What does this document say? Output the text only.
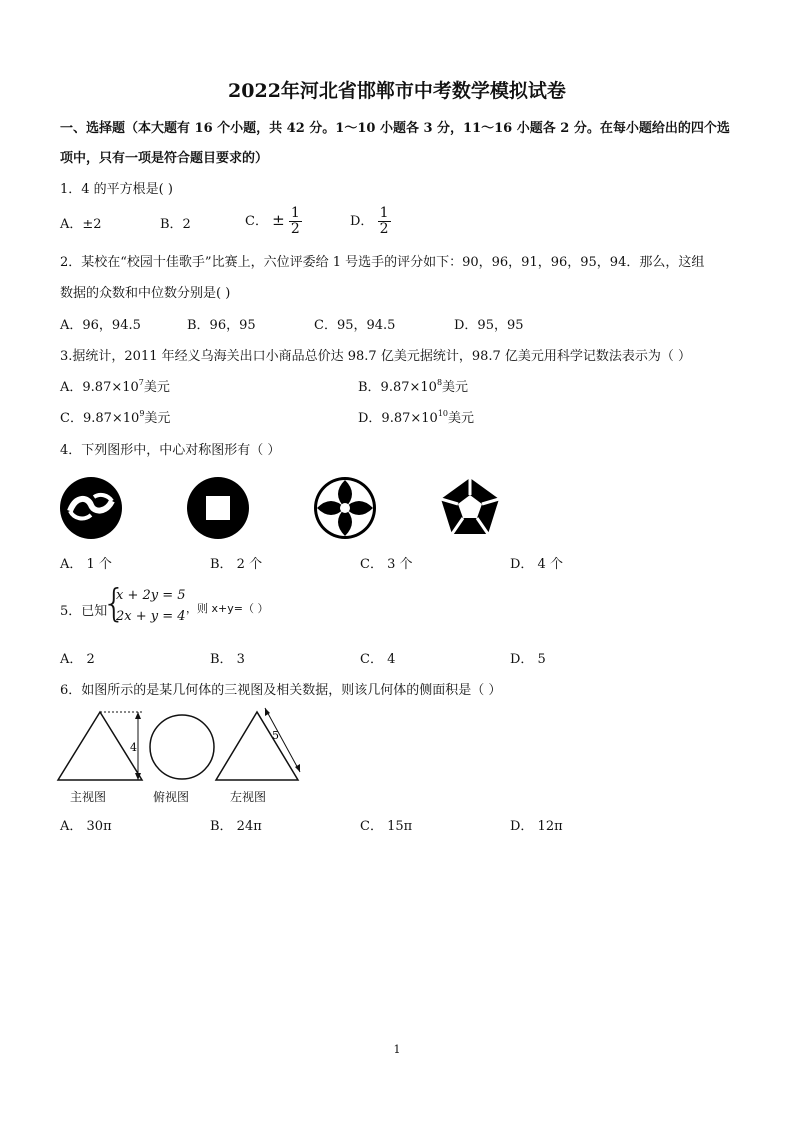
2022年河北省邯郸市中考数学模拟试卷
一、选择题（本大题有 16 个小题，共 42 分。1～10 小题各 3 分，11～16 小题各 2 分。在每小题给出的四个选
项中，只有一项是符合题目要求的）
1．4 的平方根是( )
A．±2	B．2	C． ± $\frac{1}{2}$	D． $\frac{1}{2}$
2．某校在“校园十佳歌手”比赛上，六位评委给 1 号选手的评分如下：90，96，91，96，95，94．那么，这组
数据的众数和中位数分别是( )
A．96，94.5	B．96，95	C．95，94.5	D．95，95
3.据统计，2011 年经义乌海关出口小商品总价达 98.7 亿美元据统计，98.7 亿美元用科学记数法表示为（ ）
A．$9.87\times 10^7$美元	B．$9.87\times 10^8$美元
C．$9.87\times 10^9$美元	D．$9.87\times 10^{10}$美元
4．下列图形中，中心对称图形有（ ）
A． 1 个	B． 2 个	C． 3 个	D． 4 个
5．已知
{
x + 2y = 5
2x + y = 4
，则 x+y=（ ）
A． 2	B． 3	C． 4	D． 5
6．如图所示的是某几何体的三视图及相关数据，则该几何体的侧面积是（ ）
4
5
主视图	俯视图	左视图
A． 30π	B． 24π	C． 15π	D． 12π
1
